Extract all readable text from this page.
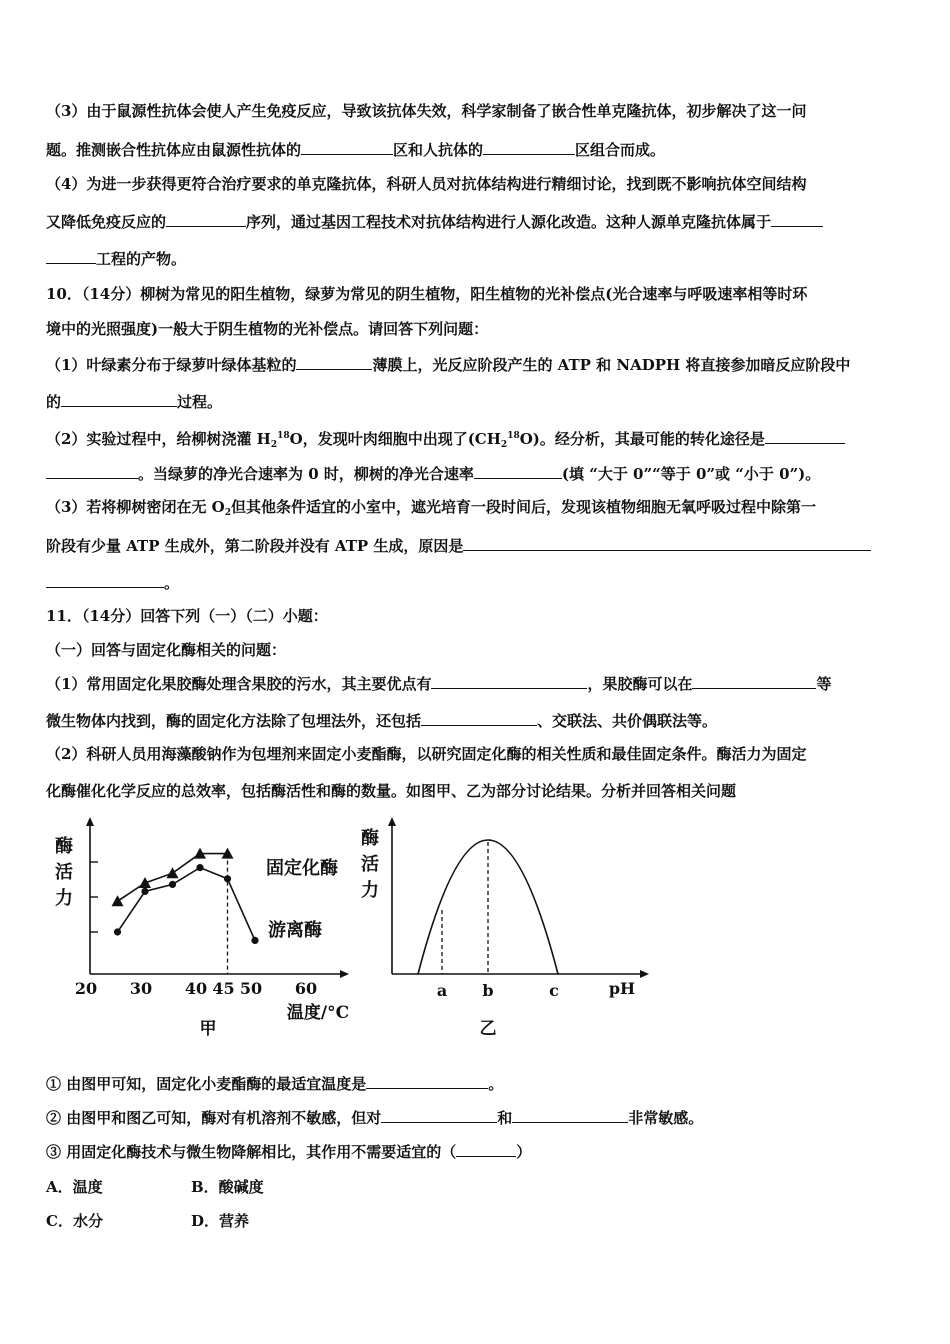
（3）由于鼠源性抗体会使人产生免疫反应，导致该抗体失效，科学家制备了嵌合性单克隆抗体，初步解决了这一问
题。推测嵌合性抗体应由鼠源性抗体的	区和人抗体的	区组合而成。
（4）为进一步获得更符合治疗要求的单克隆抗体，科研人员对抗体结构进行精细讨论，找到既不影响抗体空间结构
又降低免疫反应的	序列，通过基因工程技术对抗体结构进行人源化改造。这种人源单克隆抗体属于
工程的产物。
10．（14分）柳树为常见的阳生植物，绿萝为常见的阴生植物，阳生植物的光补偿点(光合速率与呼吸速率相等时环
境中的光照强度)一般大于阴生植物的光补偿点。请回答下列问题：
（1）叶绿素分布于绿萝叶绿体基粒的	薄膜上，光反应阶段产生的 ATP 和 NADPH 将直接参加暗反应阶段中
的	过程。
（2）实验过程中，给柳树浇灌 $H_2^{18}O$，发现叶肉细胞中出现了$(CH_2^{18}O)$。经分析，其最可能的转化途径是
。当绿萝的净光合速率为 0 时，柳树的净光合速率	(填 “大于 0”“等于 0”或 “小于 0”)。
（3）若将柳树密闭在无 $O_2$但其他条件适宜的小室中，遮光培育一段时间后，发现该植物细胞无氧呼吸过程中除第一
阶段有少量 ATP 生成外，第二阶段并没有 ATP 生成，原因是
。
11．（14分）回答下列（一）（二）小题：
（一）回答与固定化酶相关的问题：
（1）常用固定化果胶酶处理含果胶的污水，其主要优点有	，果胶酶可以在	等
微生物体内找到，酶的固定化方法除了包埋法外，还包括	、交联法、共价偶联法等。
（2）科研人员用海藻酸钠作为包埋剂来固定小麦酯酶，以研究固定化酶的相关性质和最佳固定条件。酶活力为固定
化酶催化化学反应的总效率，包括酶活性和酶的数量。如图甲、乙为部分讨论结果。分析并回答相关问题
酶
活
力
20 30 40 45 50 60
温度/°C
甲
固定化酶
游离酶
酶
活
力
a b	c	pH
乙
① 由图甲可知，固定化小麦酯酶的最适宜温度是	。
② 由图甲和图乙可知，酶对有机溶剂不敏感，但对	和	非常敏感。
③ 用固定化酶技术与微生物降解相比，其作用不需要适宜的（	）
A．温度	B．酸碱度
C．水分	D．营养
